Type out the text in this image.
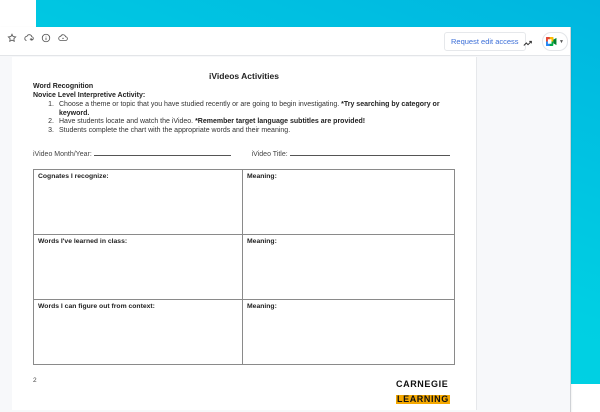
Request edit access	▼
iVideos Activities
Word Recognition
Novice Level Interpretive Activity:
1. Choose a theme or topic that you have studied recently or are going to begin investigating. *Try searching by category or keyword.
2. Have students locate and watch the iVideo. *Remember target language subtitles are provided!
3. Students complete the chart with the appropriate words and their meaning.
iVideo Month/Year:	iVideo Title:
Cognates I recognize:	Meaning:
Words I've learned in class:	Meaning:
Words I can figure out from context:	Meaning:
2	CARNEGIE
LEARNING
